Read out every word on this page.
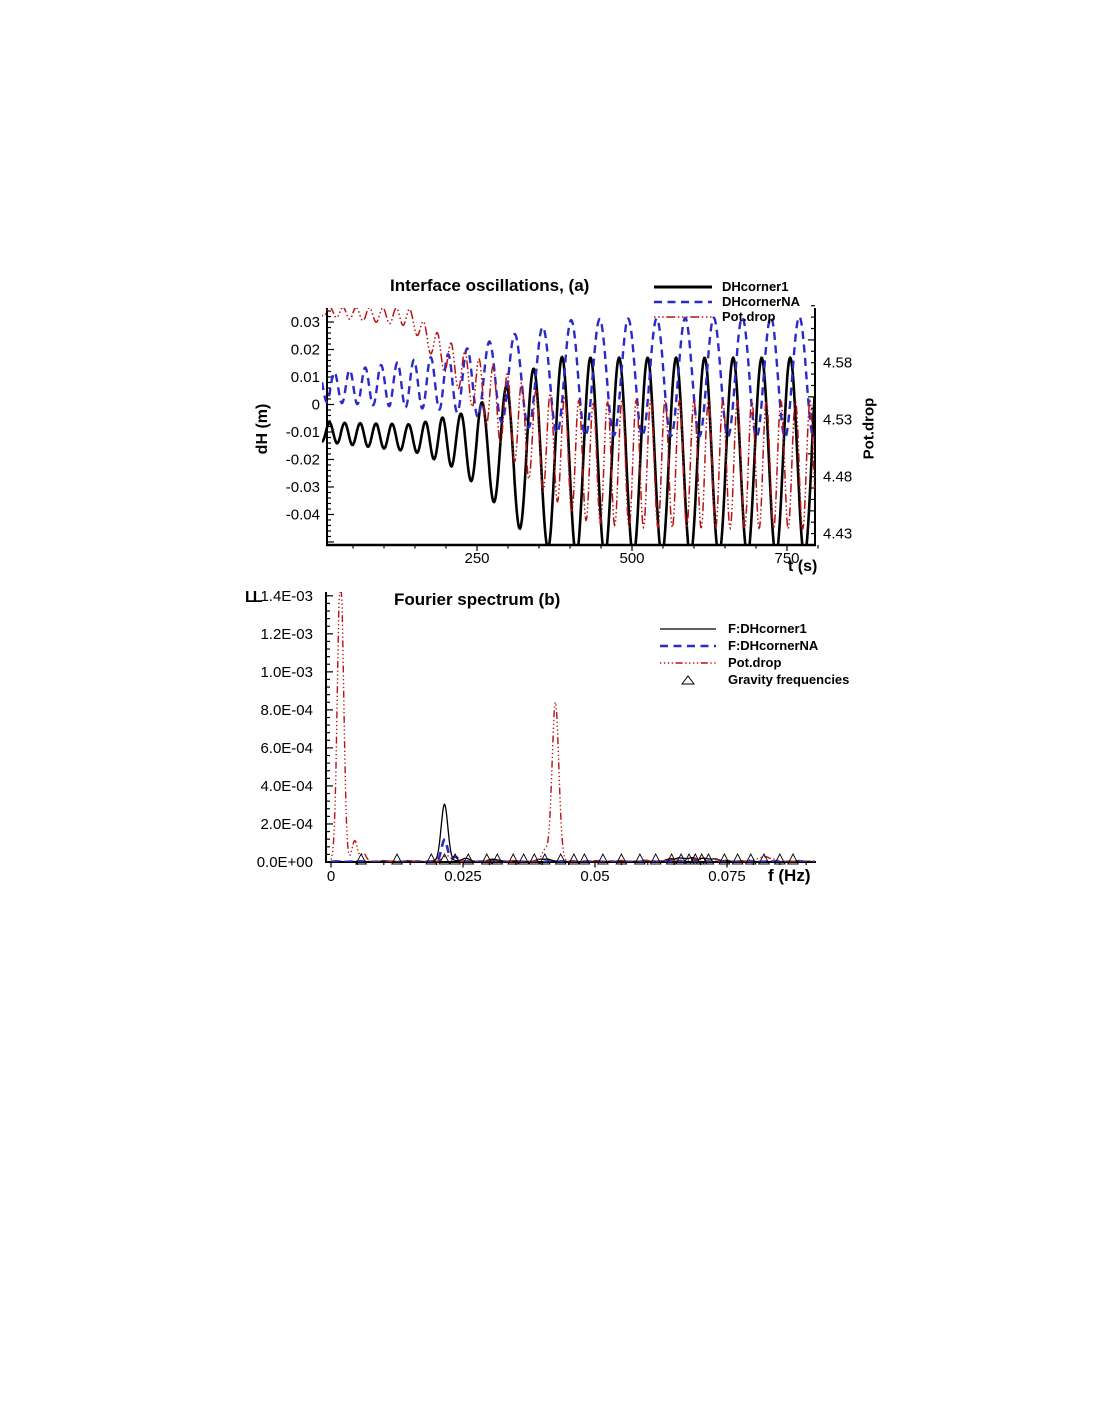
0.03
0.02
0.01
0
-0.01
-0.02
-0.03
-0.04
4.58
4.53
4.48
4.43
250	500	750
1.4E-03
1.2E-03
1.0E-03
8.0E-04
6.0E-04
4.0E-04
2.0E-04
0.0E+00
0	0.025	0.05	0.075
Interface oscillations, (a)
dH (m)	Pot.drop
t (s)
DHcorner1
DHcornerNA
Pot.drop
Fourier spectrum (b)
LL
f (Hz)
F:DHcorner1
F:DHcornerNA
Pot.drop
Gravity frequencies
